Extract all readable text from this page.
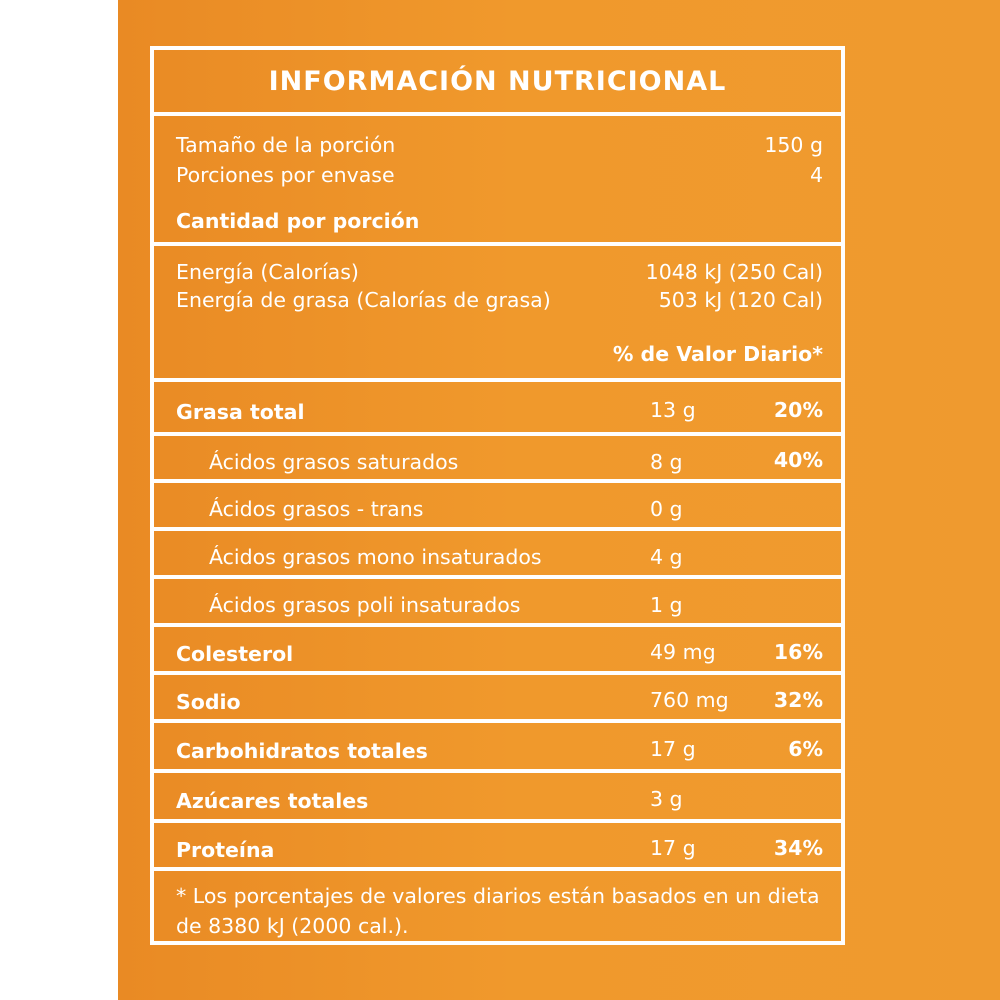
INFORMACIÓN NUTRICIONAL
Tamaño de la porción	150 g
Porciones por envase	4
Cantidad por porción
Energía (Calorías)	1048 kJ (250 Cal)
Energía de grasa (Calorías de grasa)	503 kJ (120 Cal)
% de Valor Diario*
Grasa total	13 g	20%
Ácidos grasos saturados	8 g	40%
Ácidos grasos - trans	0 g
Ácidos grasos mono insaturados	4 g
Ácidos grasos poli insaturados	1 g
Colesterol	49 mg	16%
Sodio	760 mg 32%
Carbohidratos totales	17 g	6%
Azúcares totales	3 g
Proteína	17 g	34%
* Los porcentajes de valores diarios están basados en un dieta de 8380 kJ (2000 cal.).
